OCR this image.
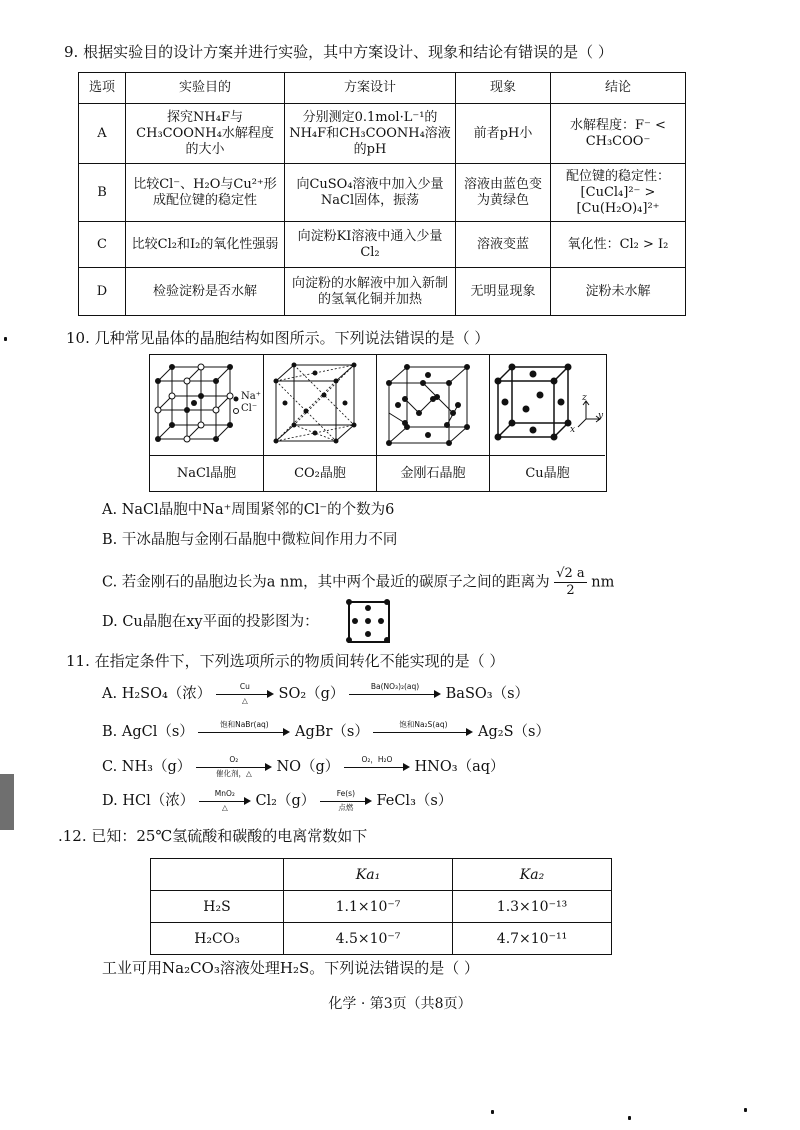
9. 根据实验目的设计方案并进行实验，其中方案设计、现象和结论有错误的是（ ）
选项	实验目的	方案设计	现象	结论
A	探究NH₄F与CH₃COONH₄水解程度的大小	分别测定0.1mol·L⁻¹的NH₄F和CH₃COONH₄溶液的pH	前者pH小	水解程度：F⁻ < CH₃COO⁻
B	比较Cl⁻、H₂O与Cu²⁺形成配位键的稳定性	向CuSO₄溶液中加入少量NaCl固体，振荡	溶液由蓝色变为黄绿色	配位键的稳定性：[CuCl₄]²⁻ > [Cu(H₂O)₄]²⁺
C	比较Cl₂和I₂的氧化性强弱	向淀粉KI溶液中通入少量Cl₂	溶液变蓝	氧化性：Cl₂ > I₂
D	检验淀粉是否水解	向淀粉的水解液中加入新制的氢氧化铜并加热	无明显现象	淀粉未水解
10. 几种常见晶体的晶胞结构如图所示。下列说法错误的是（ ）
Na⁺
Cl⁻
z
y
x
NaCl晶胞	CO₂晶胞	金刚石晶胞	Cu晶胞
A. NaCl晶胞中Na⁺周围紧邻的Cl⁻的个数为6
B. 干冰晶胞与金刚石晶胞中微粒间作用力不同
C. 若金刚石的晶胞边长为a nm，其中两个最近的碳原子之间的距离为 $\frac{√2 a}{2}$ nm
D. Cu晶胞在xy平面的投影图为：
11. 在指定条件下，下列选项所示的物质间转化不能实现的是（ ）
A. H₂SO₄（浓）	Cu
△	SO₂（g）	Ba(NO₃)₂(aq)	BaSO₃（s）
B. AgCl（s）	饱和NaBr(aq)	AgBr（s）	饱和Na₂S(aq)	Ag₂S（s）
C. NH₃（g）	O₂
催化剂，△	NO（g）	O₂，H₂O	HNO₃（aq）
D. HCl（浓）	MnO₂
△	Cl₂（g）	Fe(s)
点燃	FeCl₃（s）
.12. 已知：25℃氢硫酸和碳酸的电离常数如下
	Ka₁	Ka₂
H₂S	1.1×10⁻⁷	1.3×10⁻¹³
H₂CO₃	4.5×10⁻⁷	4.7×10⁻¹¹
工业可用Na₂CO₃溶液处理H₂S。下列说法错误的是（ ）
化学 · 第3页（共8页）
